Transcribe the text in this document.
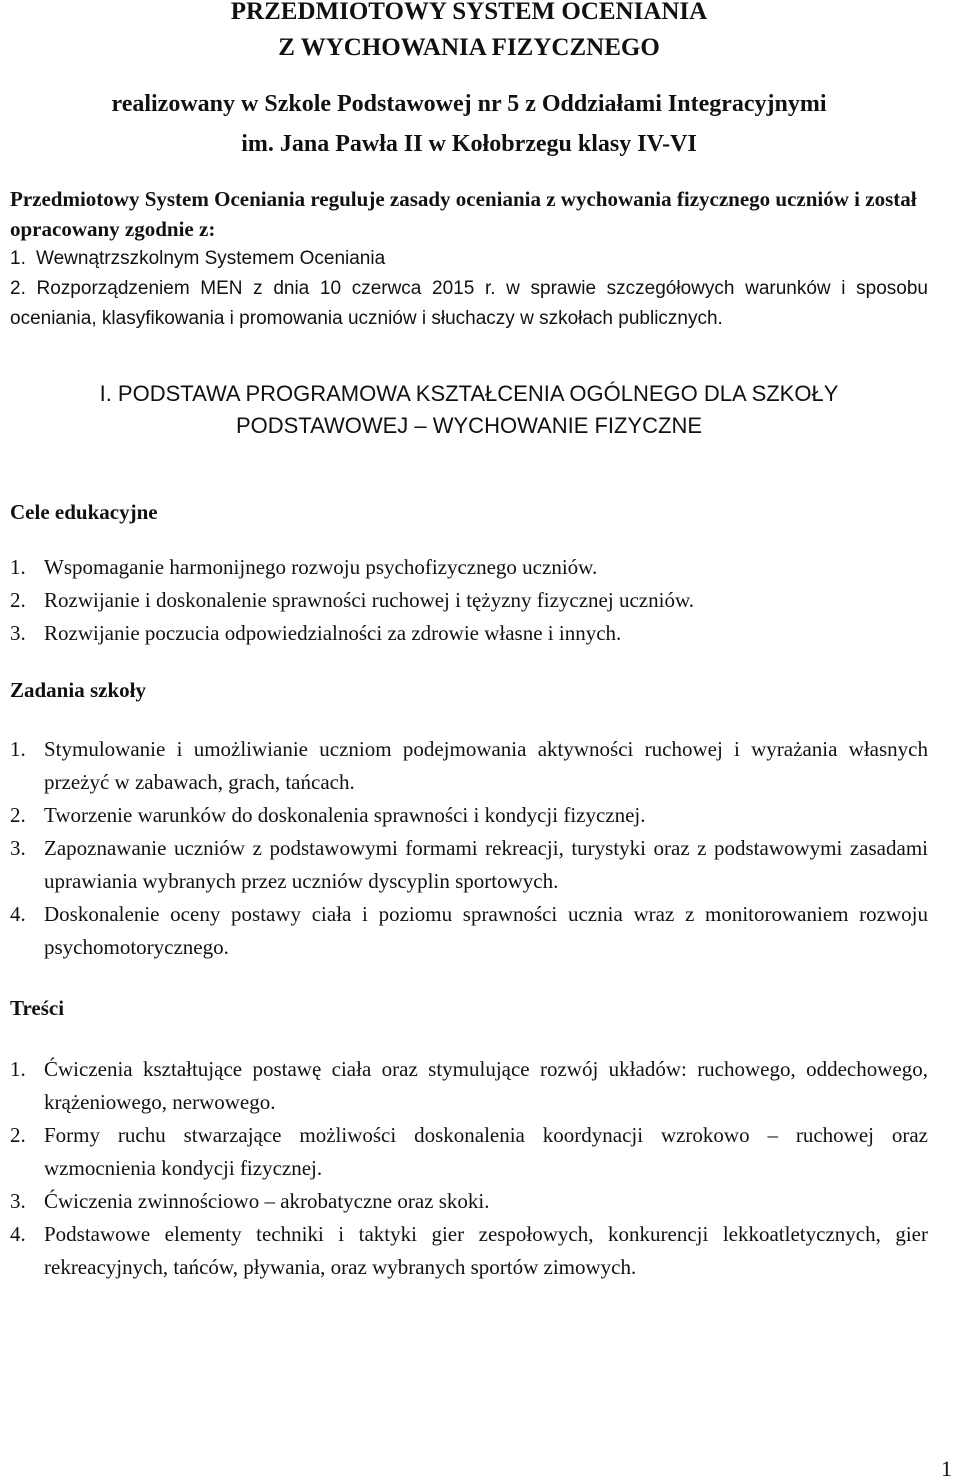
PRZEDMIOTOWY SYSTEM OCENIANIA

Z WYCHOWANIA FIZYCZNEGO

realizowany w Szkole Podstawowej nr 5 z Oddziałami Integracyjnymi
im. Jana Pawła II w Kołobrzegu klasy IV-VI
Przedmiotowy System Oceniania reguluje zasady oceniania z wychowania fizycznego uczniów i został opracowany zgodnie z:
1. Wewnątrzszkolnym Systemem Oceniania
2. Rozporządzeniem MEN z dnia 10 czerwca 2015 r. w sprawie szczegółowych warunków i sposobu oceniania, klasyfikowania i promowania uczniów i słuchaczy w szkołach publicznych.
I. PODSTAWA PROGRAMOWA KSZTAŁCENIA OGÓLNEGO DLA SZKOŁY
PODSTAWOWEJ – WYCHOWANIE FIZYCZNE

Cele edukacyjne

1. Wspomaganie harmonijnego rozwoju psychofizycznego uczniów.
2. Rozwijanie i doskonalenie sprawności ruchowej i tężyzny fizycznej uczniów.
3. Rozwijanie poczucia odpowiedzialności za zdrowie własne i innych.

Zadania szkoły

1. Stymulowanie i umożliwianie uczniom podejmowania aktywności ruchowej i wyrażania własnych przeżyć w zabawach, grach, tańcach.
2. Tworzenie warunków do doskonalenia sprawności i kondycji fizycznej.
3. Zapoznawanie uczniów z podstawowymi formami rekreacji, turystyki oraz z podstawowymi zasadami uprawiania wybranych przez uczniów dyscyplin sportowych.
4. Doskonalenie oceny postawy ciała i poziomu sprawności ucznia wraz z monitorowaniem rozwoju psychomotorycznego.

Treści

1. Ćwiczenia kształtujące postawę ciała oraz stymulujące rozwój układów: ruchowego, oddechowego, krążeniowego, nerwowego.
2. Formy ruchu stwarzające możliwości doskonalenia koordynacji wzrokowo – ruchowej oraz wzmocnienia kondycji fizycznej.
3. Ćwiczenia zwinnościowo – akrobatyczne oraz skoki.
4. Podstawowe elementy techniki i taktyki gier zespołowych, konkurencji lekkoatletycznych, gier rekreacyjnych, tańców, pływania, oraz wybranych sportów zimowych.
1
